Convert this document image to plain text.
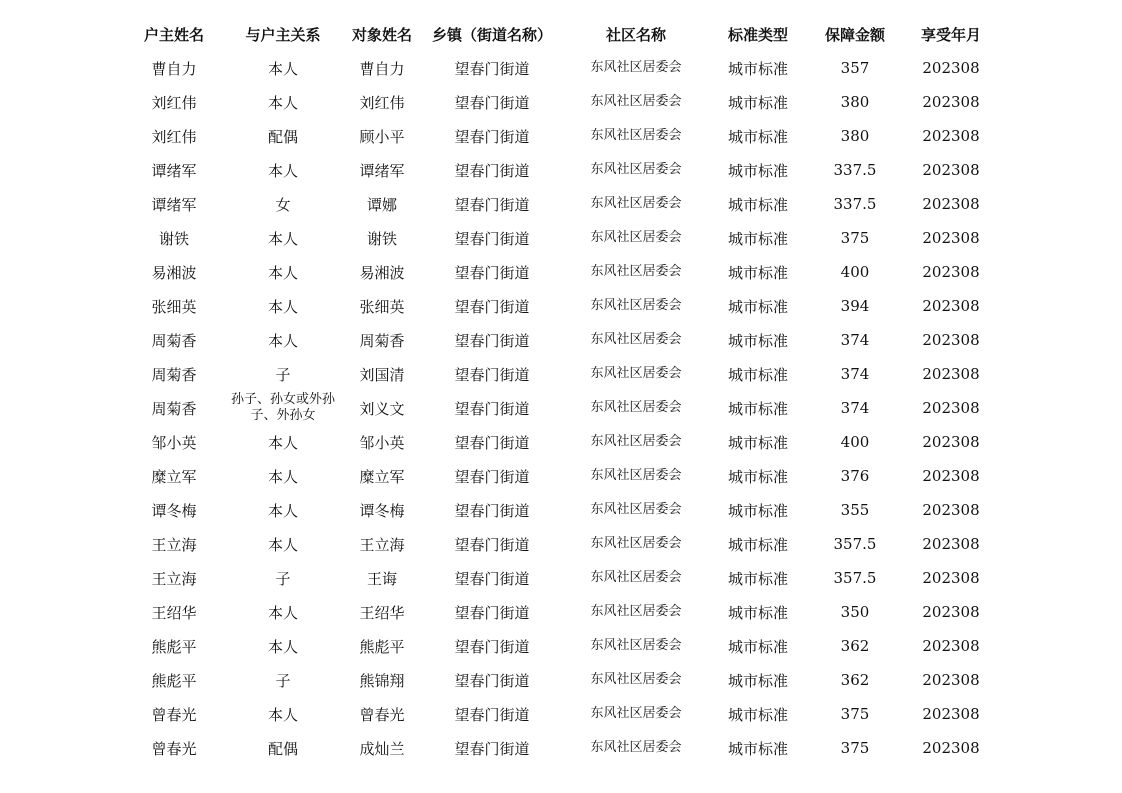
户主姓名	与户主关系	对象姓名	乡镇（街道名称）	社区名称	标准类型	保障金额	享受年月
曹自力	本人	曹自力	望春门街道	东风社区居委会	城市标准	357	202308
刘红伟	本人	刘红伟	望春门街道	东风社区居委会	城市标准	380	202308
刘红伟	配偶	顾小平	望春门街道	东风社区居委会	城市标准	380	202308
谭绪军	本人	谭绪军	望春门街道	东风社区居委会	城市标准	337.5	202308
谭绪军	女	谭娜	望春门街道	东风社区居委会	城市标准	337.5	202308
谢铁	本人	谢铁	望春门街道	东风社区居委会	城市标准	375	202308
易湘波	本人	易湘波	望春门街道	东风社区居委会	城市标准	400	202308
张细英	本人	张细英	望春门街道	东风社区居委会	城市标准	394	202308
周菊香	本人	周菊香	望春门街道	东风社区居委会	城市标准	374	202308
周菊香	子	刘国清	望春门街道	东风社区居委会	城市标准	374	202308
周菊香	孙子、孙女或外孙子、外孙女	刘义文	望春门街道	东风社区居委会	城市标准	374	202308
邹小英	本人	邹小英	望春门街道	东风社区居委会	城市标准	400	202308
糜立军	本人	糜立军	望春门街道	东风社区居委会	城市标准	376	202308
谭冬梅	本人	谭冬梅	望春门街道	东风社区居委会	城市标准	355	202308
王立海	本人	王立海	望春门街道	东风社区居委会	城市标准	357.5	202308
王立海	子	王诲	望春门街道	东风社区居委会	城市标准	357.5	202308
王绍华	本人	王绍华	望春门街道	东风社区居委会	城市标准	350	202308
熊彪平	本人	熊彪平	望春门街道	东风社区居委会	城市标准	362	202308
熊彪平	子	熊锦翔	望春门街道	东风社区居委会	城市标准	362	202308
曾春光	本人	曾春光	望春门街道	东风社区居委会	城市标准	375	202308
曾春光	配偶	成灿兰	望春门街道	东风社区居委会	城市标准	375	202308
